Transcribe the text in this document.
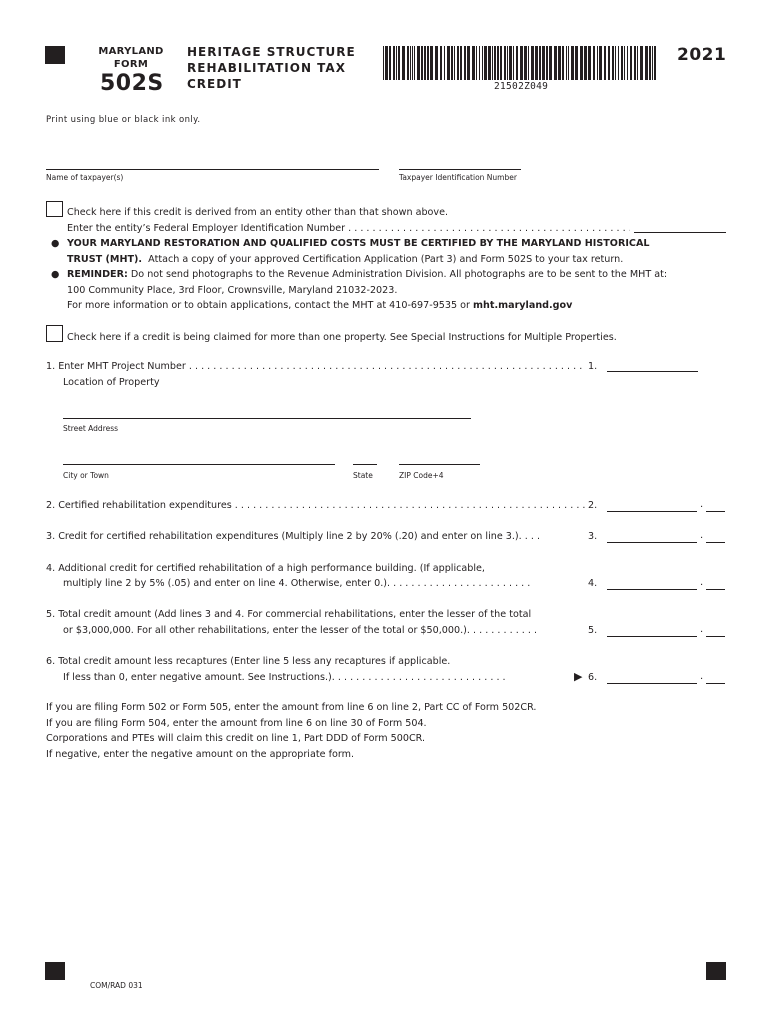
MARYLAND
FORM
502S
HERITAGE STRUCTURE
REHABILITATION TAX
CREDIT	21502Z049
2021
Print using blue or black ink only.
Name of taxpayer(s)	Taxpayer Identification Number
Check here if this credit is derived from an entity other than that shown above.
Enter the entity’s Federal Employer Identification Number . . .
● YOUR MARYLAND RESTORATION AND QUALIFIED COSTS MUST BE CERTIFIED BY THE MARYLAND HISTORICAL
TRUST (MHT). Attach a copy of your approved Certification Application (Part 3) and Form 502S to your tax return.
● REMINDER: Do not send photographs to the Revenue Administration Division. All photographs are to be sent to the MHT at:
100 Community Place, 3rd Floor, Crownsville, Maryland 21032-2023.
For more information or to obtain applications, contact the MHT at 410-697-9535 or mht.maryland.gov
Check here if a credit is being claimed for more than one property. See Special Instructions for Multiple Properties.
1. Enter MHT Project Number . . .	1.
Location of Property
Street Address
City or Town	State	ZIP Code+4
2. Certified rehabilitation expenditures . . .	2.	.
3. Credit for certified rehabilitation expenditures (Multiply line 2 by 20% (.20) and enter on line 3.). . . .	3.	.
4. Additional credit for certified rehabilitation of a high performance building. (If applicable,
multiply line 2 by 5% (.05) and enter on line 4. Otherwise, enter 0.). . . . . . . . . . . . . . . . . . . . . . . .	4.	.
5. Total credit amount (Add lines 3 and 4. For commercial rehabilitations, enter the lesser of the total
or $3,000,000. For all other rehabilitations, enter the lesser of the total or $50,000.). . . . . . . . . . . .	5.	.
6. Total credit amount less recaptures (Enter line 5 less any recaptures if applicable.
If less than 0, enter negative amount. See Instructions.). . . . . . . . . . . . . . . . . . . . . . . . . . . . .	▶ 6.	.
If you are filing Form 502 or Form 505, enter the amount from line 6 on line 2, Part CC of Form 502CR.
If you are filing Form 504, enter the amount from line 6 on line 30 of Form 504.
Corporations and PTEs will claim this credit on line 1, Part DDD of Form 500CR.
If negative, enter the negative amount on the appropriate form.
COM/RAD 031
